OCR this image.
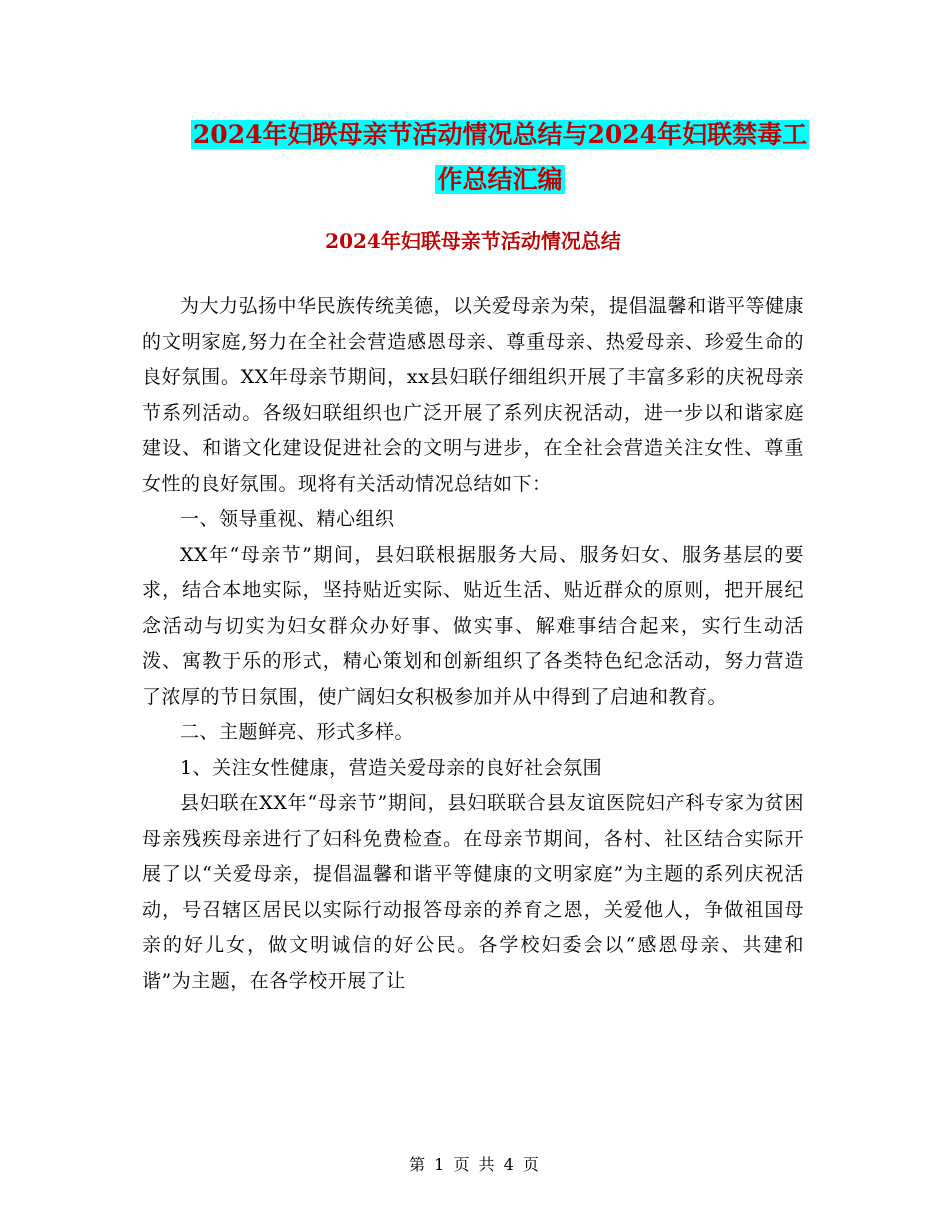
2024年妇联母亲节活动情况总结与2024年妇联禁毒工
作总结汇编
2024年妇联母亲节活动情况总结

为大力弘扬中华民族传统美德，以关爱母亲为荣，提倡温馨和谐平等健康的文明家庭,努力在全社会营造感恩母亲、尊重母亲、热爱母亲、珍爱生命的良好氛围。XX年母亲节期间，xx县妇联仔细组织开展了丰富多彩的庆祝母亲节系列活动。各级妇联组织也广泛开展了系列庆祝活动，进一步以和谐家庭建设、和谐文化建设促进社会的文明与进步，在全社会营造关注女性、尊重女性的良好氛围。现将有关活动情况总结如下：

一、领导重视、精心组织

XX年“母亲节”期间，县妇联根据服务大局、服务妇女、服务基层的要求，结合本地实际，坚持贴近实际、贴近生活、贴近群众的原则，把开展纪念活动与切实为妇女群众办好事、做实事、解难事结合起来，实行生动活泼、寓教于乐的形式，精心策划和创新组织了各类特色纪念活动，努力营造了浓厚的节日氛围，使广阔妇女积极参加并从中得到了启迪和教育。

二、主题鲜亮、形式多样。

1、关注女性健康，营造关爱母亲的良好社会氛围

县妇联在XX年“母亲节”期间，县妇联联合县友谊医院妇产科专家为贫困母亲残疾母亲进行了妇科免费检查。在母亲节期间，各村、社区结合实际开展了以“关爱母亲，提倡温馨和谐平等健康的文明家庭”为主题的系列庆祝活动，号召辖区居民以实际行动报答母亲的养育之恩，关爱他人，争做祖国母亲的好儿女，做文明诚信的好公民。各学校妇委会以“感恩母亲、共建和谐”为主题，在各学校开展了让

第 1 页 共 4 页
